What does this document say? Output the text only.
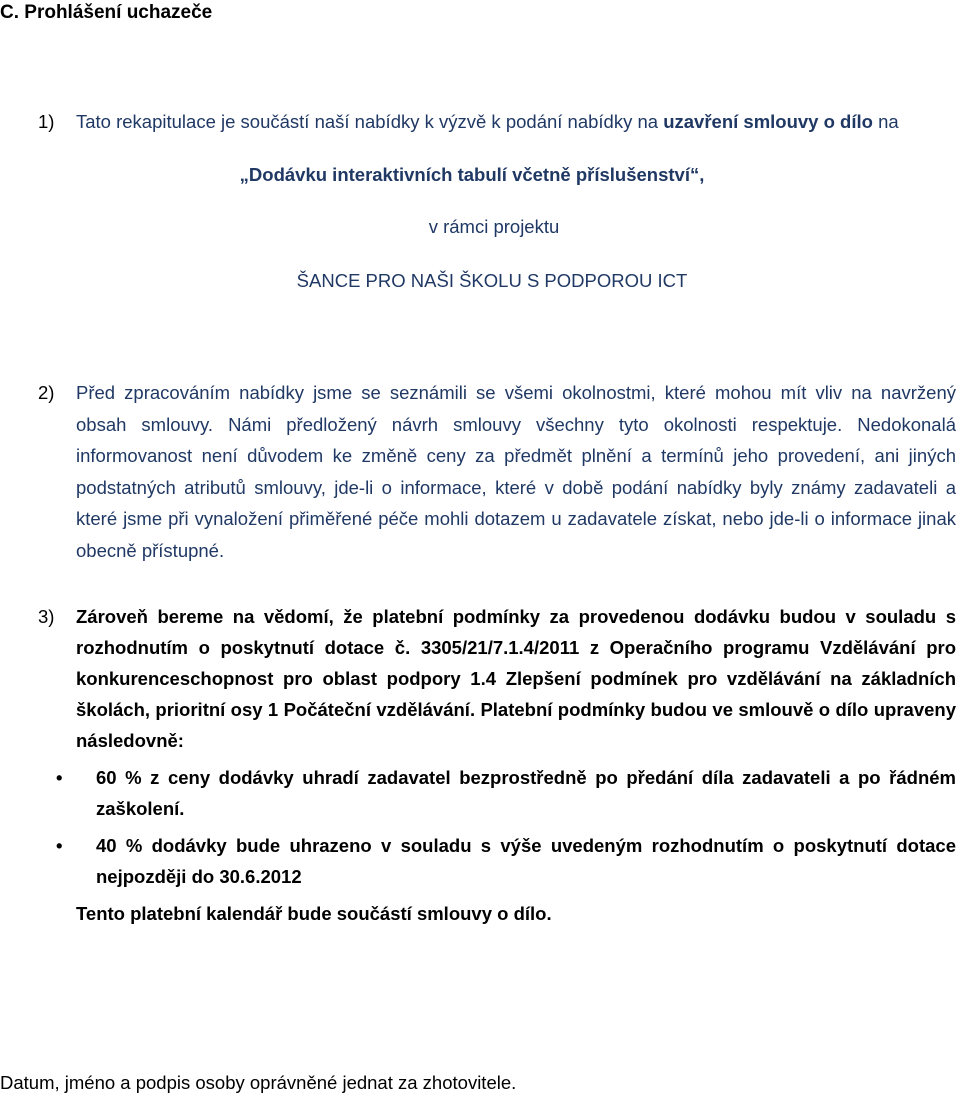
C. Prohlášení uchazeče
1) Tato rekapitulace je součástí naší nabídky k výzvě k podání nabídky na uzavření smlouvy o dílo na
„Dodávku interaktivních tabulí včetně příslušenství“,
v rámci projektu
ŠANCE PRO NAŠI ŠKOLU S PODPOROU ICT
2) Před zpracováním nabídky jsme se seznámili se všemi okolnostmi, které mohou mít vliv na navržený obsah smlouvy. Námi předložený návrh smlouvy všechny tyto okolnosti respektuje. Nedokonalá informovanost není důvodem ke změně ceny za předmět plnění a termínů jeho provedení, ani jiných podstatných atributů smlouvy, jde-li o informace, které v době podání nabídky byly známy zadavateli a které jsme při vynaložení přiměřené péče mohli dotazem u zadavatele získat, nebo jde-li o informace jinak obecně přístupné.
3) Zároveň bereme na vědomí, že platební podmínky za provedenou dodávku budou v souladu s rozhodnutím o poskytnutí dotace č. 3305/21/7.1.4/2011 z Operačního programu Vzdělávání pro konkurenceschopnost pro oblast podpory 1.4 Zlepšení podmínek pro vzdělávání na základních školách, prioritní osy 1 Počáteční vzdělávání. Platební podmínky budou ve smlouvě o dílo upraveny následovně:
• 60 % z ceny dodávky uhradí zadavatel bezprostředně po předání díla zadavateli a po řádném zaškolení.
• 40 % dodávky bude uhrazeno v souladu s výše uvedeným rozhodnutím o poskytnutí dotace nejpozději do 30.6.2012
Tento platební kalendář bude součástí smlouvy o dílo.
Datum, jméno a podpis osoby oprávněné jednat za zhotovitele.
